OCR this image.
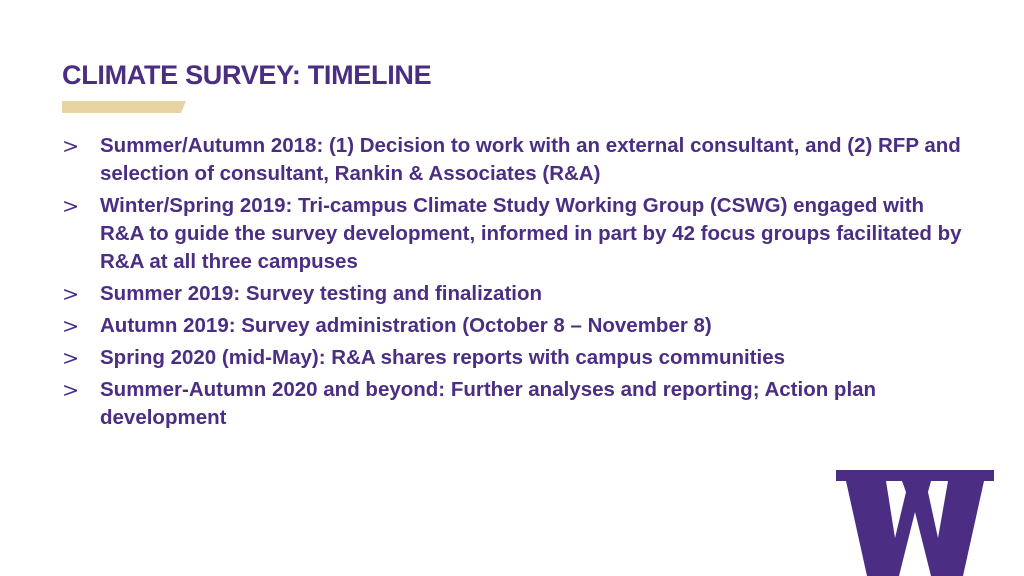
CLIMATE SURVEY: TIMELINE
> Summer/Autumn 2018: (1) Decision to work with an external consultant, and (2) RFP and selection of consultant, Rankin & Associates (R&A)
> Winter/Spring 2019: Tri-campus Climate Study Working Group (CSWG) engaged with R&A to guide the survey development, informed in part by 42 focus groups facilitated by R&A at all three campuses
> Summer 2019: Survey testing and finalization
> Autumn 2019: Survey administration (October 8 – November 8)
> Spring 2020 (mid-May): R&A shares reports with campus communities
> Summer-Autumn 2020 and beyond: Further analyses and reporting; Action plan development
